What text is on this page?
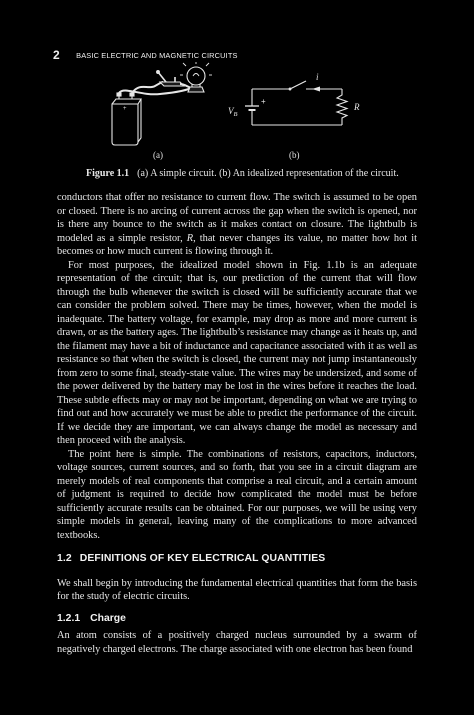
2 BASIC ELECTRIC AND MAGNETIC CIRCUITS
+
+
$V_B$
i
R
(a)	(b)
Figure 1.1 (a) A simple circuit. (b) An idealized representation of the circuit.

conductors that offer no resistance to current flow. The switch is assumed to be open or closed. There is no arcing of current across the gap when the switch is opened, nor is there any bounce to the switch as it makes contact on closure. The lightbulb is modeled as a simple resistor, R, that never changes its value, no matter how hot it becomes or how much current is flowing through it.

For most purposes, the idealized model shown in Fig. 1.1b is an adequate representation of the circuit; that is, our prediction of the current that will flow through the bulb whenever the switch is closed will be sufficiently accurate that we can consider the problem solved. There may be times, however, when the model is inadequate. The battery voltage, for example, may drop as more and more current is drawn, or as the battery ages. The lightbulb’s resistance may change as it heats up, and the filament may have a bit of inductance and capacitance associated with it as well as resistance so that when the switch is closed, the current may not jump instantaneously from zero to some final, steady-state value. The wires may be undersized, and some of the power delivered by the battery may be lost in the wires before it reaches the load. These subtle effects may or may not be important, depending on what we are trying to find out and how accurately we must be able to predict the performance of the circuit. If we decide they are important, we can always change the model as necessary and then proceed with the analysis.

The point here is simple. The combinations of resistors, capacitors, inductors, voltage sources, current sources, and so forth, that you see in a circuit diagram are merely models of real components that comprise a real circuit, and a certain amount of judgment is required to decide how complicated the model must be before sufficiently accurate results can be obtained. For our purposes, we will be using very simple models in general, leaving many of the complications to more advanced textbooks.

1.2 DEFINITIONS OF KEY ELECTRICAL QUANTITIES

We shall begin by introducing the fundamental electrical quantities that form the basis for the study of electric circuits.

1.2.1 Charge

An atom consists of a positively charged nucleus surrounded by a swarm of negatively charged electrons. The charge associated with one electron has been found
